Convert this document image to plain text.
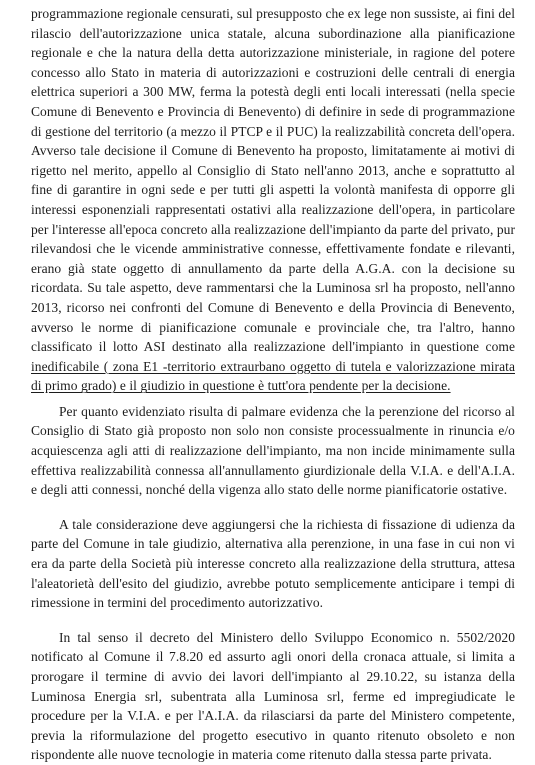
programmazione regionale censurati, sul presupposto che ex lege non sussiste, ai fini del rilascio dell'autorizzazione unica statale, alcuna subordinazione alla pianificazione regionale e che la natura della detta autorizzazione ministeriale, in ragione del potere concesso allo Stato in materia di autorizzazioni e costruzioni delle centrali di energia elettrica superiori a 300 MW, ferma la potestà degli enti locali interessati (nella specie Comune di Benevento e Provincia di Benevento) di definire in sede di programmazione di gestione del territorio (a mezzo il PTCP e il PUC) la realizzabilità concreta dell'opera. Avverso tale decisione il Comune di Benevento ha proposto, limitatamente ai motivi di rigetto nel merito, appello al Consiglio di Stato nell'anno 2013, anche e soprattutto al fine di garantire in ogni sede e per tutti gli aspetti la volontà manifesta di opporre gli interessi esponenziali rappresentati ostativi alla realizzazione dell'opera, in particolare per l'interesse all'epoca concreto alla realizzazione dell'impianto da parte del privato, pur rilevandosi che le vicende amministrative connesse, effettivamente fondate e rilevanti, erano già state oggetto di annullamento da parte della A.G.A. con la decisione su ricordata. Su tale aspetto, deve rammentarsi che la Luminosa srl ha proposto, nell'anno 2013, ricorso nei confronti del Comune di Benevento e della Provincia di Benevento, avverso le norme di pianificazione comunale e provinciale che, tra l'altro, hanno classificato il lotto ASI destinato alla realizzazione dell'impianto in questione come inedificabile ( zona E1 -territorio extraurbano oggetto di tutela e valorizzazione mirata di primo grado) e il giudizio in questione è tutt'ora pendente per la decisione.

Per quanto evidenziato risulta di palmare evidenza che la perenzione del ricorso al Consiglio di Stato già proposto non solo non consiste processualmente in rinuncia e/o acquiescenza agli atti di realizzazione dell'impianto, ma non incide minimamente sulla effettiva realizzabilità connessa all'annullamento giurdizionale della V.I.A. e dell'A.I.A. e degli atti connessi, nonché della vigenza allo stato delle norme pianificatorie ostative.

A tale considerazione deve aggiungersi che la richiesta di fissazione di udienza da parte del Comune in tale giudizio, alternativa alla perenzione, in una fase in cui non vi era da parte della Società più interesse concreto alla realizzazione della struttura, attesa l'aleatorietà dell'esito del giudizio, avrebbe potuto semplicemente anticipare i tempi di rimessione in termini del procedimento autorizzativo.

In tal senso il decreto del Ministero dello Sviluppo Economico n. 5502/2020 notificato al Comune il 7.8.20 ed assurto agli onori della cronaca attuale, si limita a prorogare il termine di avvio dei lavori dell'impianto al 29.10.22, su istanza della Luminosa Energia srl, subentrata alla Luminosa srl, ferme ed impregiudicate le procedure per la V.I.A. e per l'A.I.A. da rilasciarsi da parte del Ministero competente, previa la riformulazione del progetto esecutivo in quanto ritenuto obsoleto e non rispondente alle nuove tecnologie in materia come ritenuto dalla stessa parte privata.
